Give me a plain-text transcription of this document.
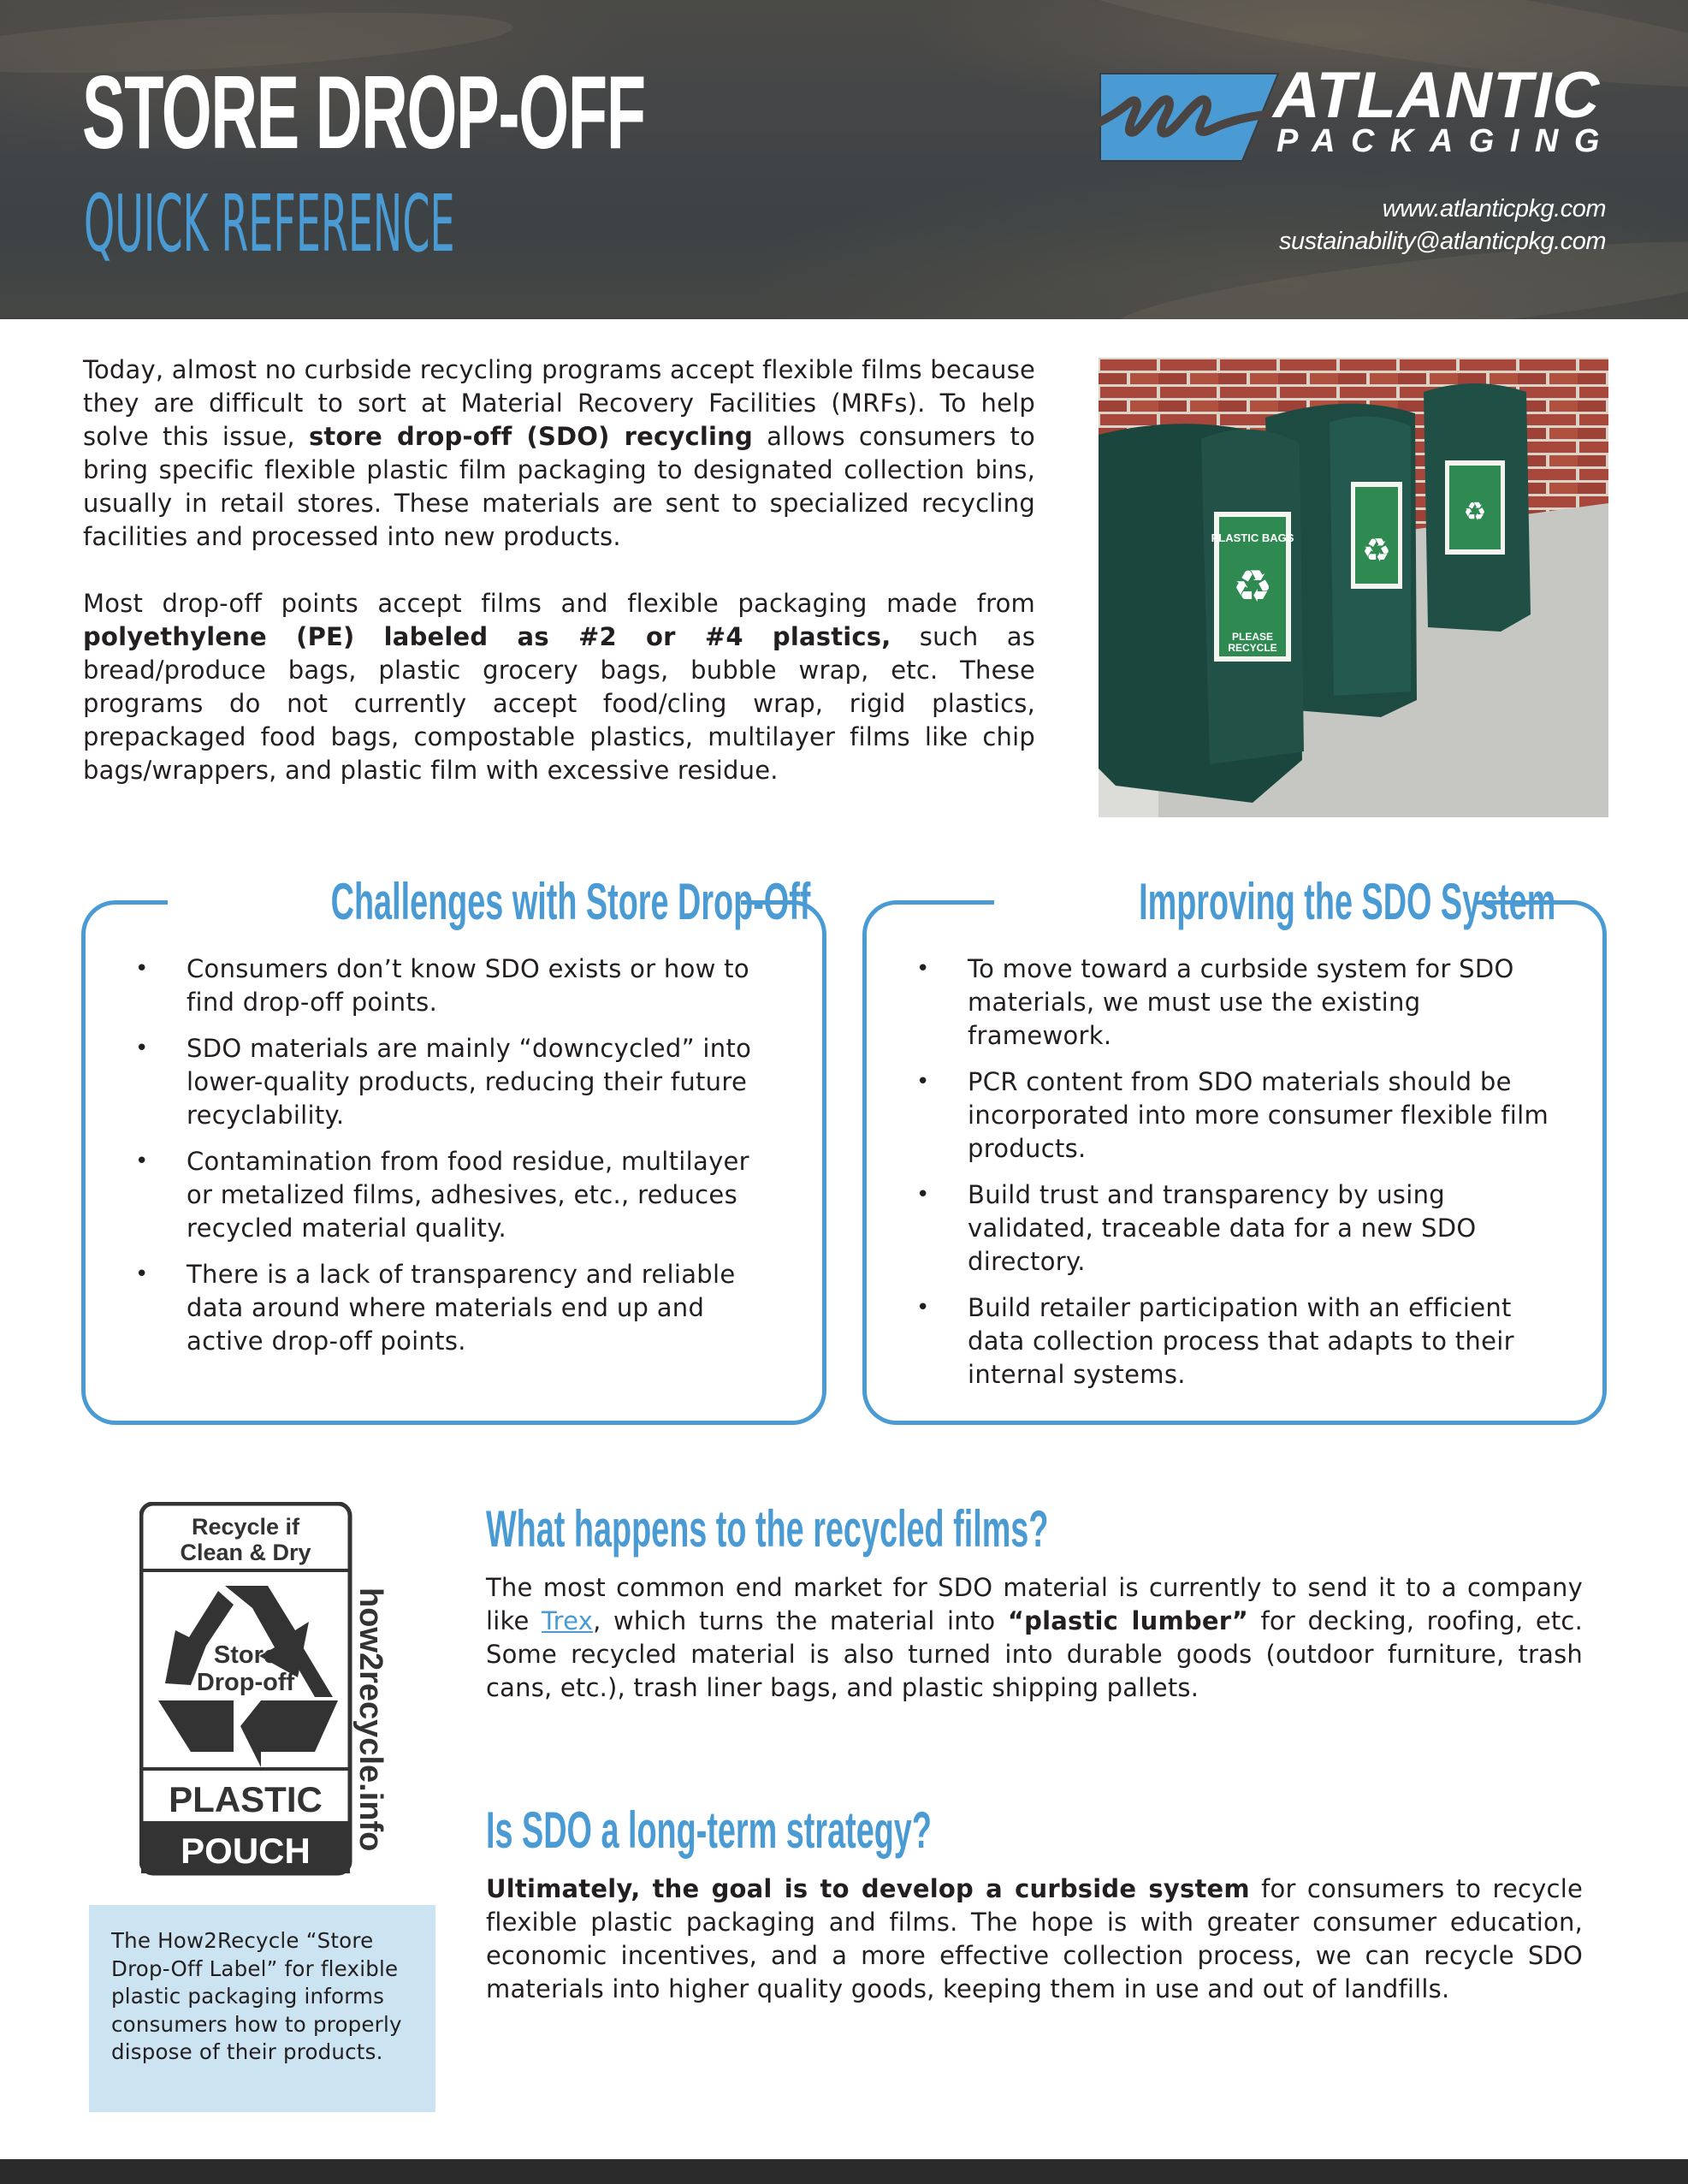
STORE DROP-OFF
QUICK REFERENCE
ATLANTIC
PACKAGING
www.atlanticpkg.com
sustainability@atlanticpkg.com

Today, almost no curbside recycling programs accept flexible films because they are difficult to sort at Material Recovery Facilities (MRFs). To help solve this issue, store drop-off (SDO) recycling allows consumers to bring specific flexible plastic film packaging to designated collection bins, usually in retail stores. These materials are sent to specialized recycling facilities and processed into new products.

Most drop-off points accept films and flexible packaging made from polyethylene (PE) labeled as #2 or #4 plastics, such as bread/produce bags, plastic grocery bags, bubble wrap, etc. These programs do not currently accept food/cling wrap, rigid plastics, prepackaged food bags, compostable plastics, multilayer films like chip bags/wrappers, and plastic film with excessive residue.

PLASTIC BAGS
PLEASE
RECYCLE
♻
♻
♻
Challenges with Store Drop-Off
• Consumers don’t know SDO exists or how to find drop-off points.
• SDO materials are mainly “downcycled” into lower-quality products, reducing their future recyclability.
• Contamination from food residue, multilayer or metalized films, adhesives, etc., reduces recycled material quality.
• There is a lack of transparency and reliable data around where materials end up and active drop-off points.
Improving the SDO System
• To move toward a curbside system for SDO materials, we must use the existing framework.
• PCR content from SDO materials should be incorporated into more consumer flexible film products.
• Build trust and transparency by using validated, traceable data for a new SDO directory.
• Build retailer participation with an efficient data collection process that adapts to their internal systems.
Store
Drop-off
Recycle if
Clean & Dry
PLASTIC
POUCH how2recycle.info
The How2Recycle “Store Drop-Off Label” for flexible plastic packaging informs consumers how to properly dispose of their products.
What happens to the recycled films?
The most common end market for SDO material is currently to send it to a company like Trex, which turns the material into “plastic lumber” for decking, roofing, etc. Some recycled material is also turned into durable goods (outdoor furniture, trash cans, etc.), trash liner bags, and plastic shipping pallets.
Is SDO a long-term strategy?
Ultimately, the goal is to develop a curbside system for consumers to recycle flexible plastic packaging and films. The hope is with greater consumer education, economic incentives, and a more effective collection process, we can recycle SDO materials into higher quality goods, keeping them in use and out of landfills.
